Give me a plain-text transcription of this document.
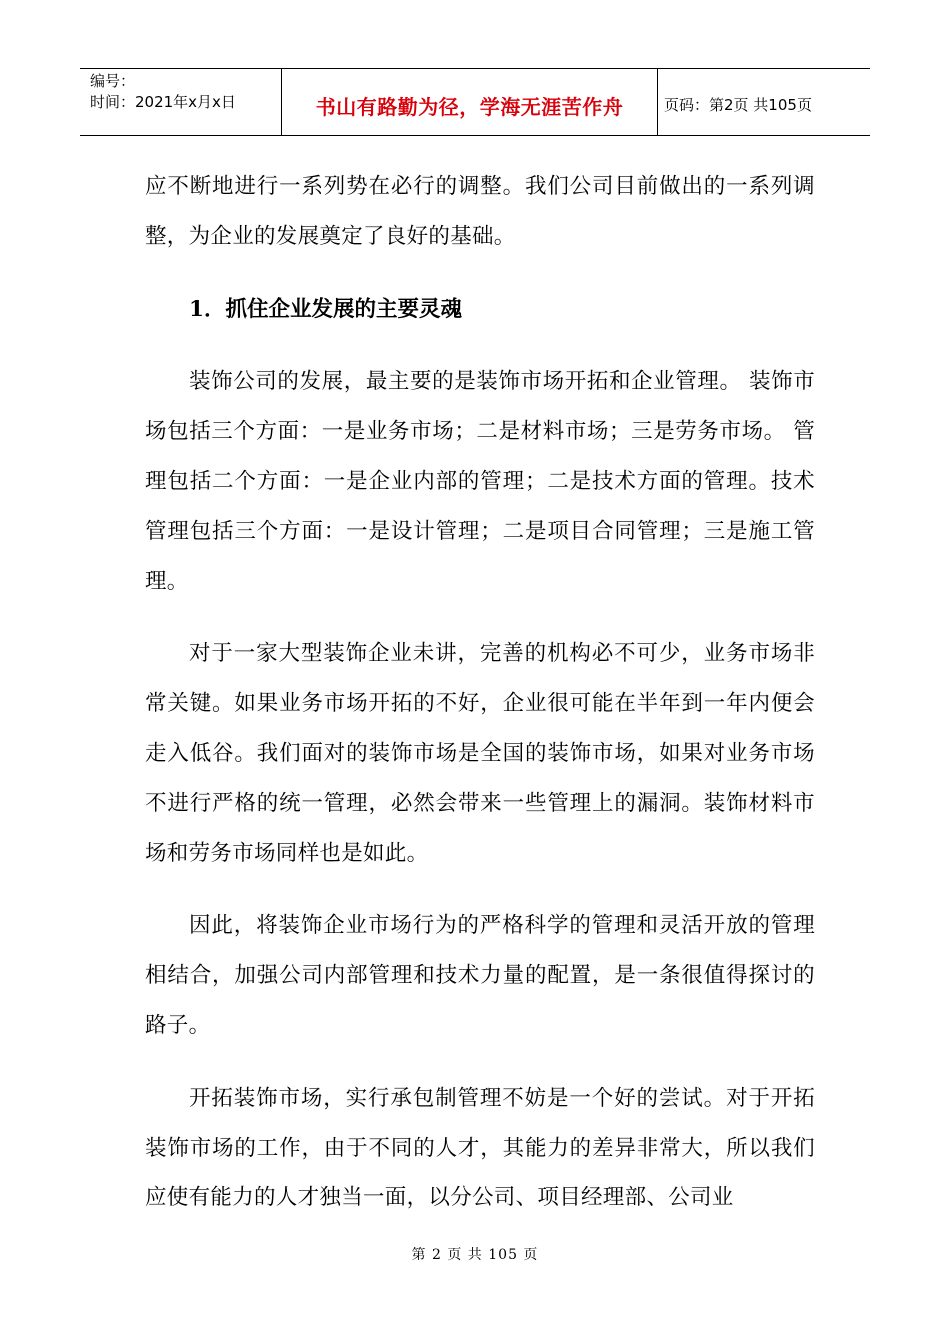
编号：
时间：2021年x月x日	书山有路勤为径，学海无涯苦作舟	页码：第2页 共105页

应不断地进行一系列势在必行的调整。我们公司目前做出的一系列调整，为企业的发展奠定了良好的基础。

1．抓住企业发展的主要灵魂

装饰公司的发展，最主要的是装饰市场开拓和企业管理。 装饰市场包括三个方面：一是业务市场；二是材料市场；三是劳务市场。 管理包括二个方面：一是企业内部的管理；二是技术方面的管理。技术管理包括三个方面：一是设计管理；二是项目合同管理；三是施工管理。

对于一家大型装饰企业未讲，完善的机构必不可少，业务市场非常关键。如果业务市场开拓的不好，企业很可能在半年到一年内便会走入低谷。我们面对的装饰市场是全国的装饰市场，如果对业务市场不进行严格的统一管理，必然会带来一些管理上的漏洞。装饰材料市场和劳务市场同样也是如此。

因此，将装饰企业市场行为的严格科学的管理和灵活开放的管理相结合，加强公司内部管理和技术力量的配置，是一条很值得探讨的路子。

开拓装饰市场，实行承包制管理不妨是一个好的尝试。对于开拓装饰市场的工作，由于不同的人才，其能力的差异非常大，所以我们应使有能力的人才独当一面，以分公司、项目经理部、公司业

第 2 页 共 105 页
